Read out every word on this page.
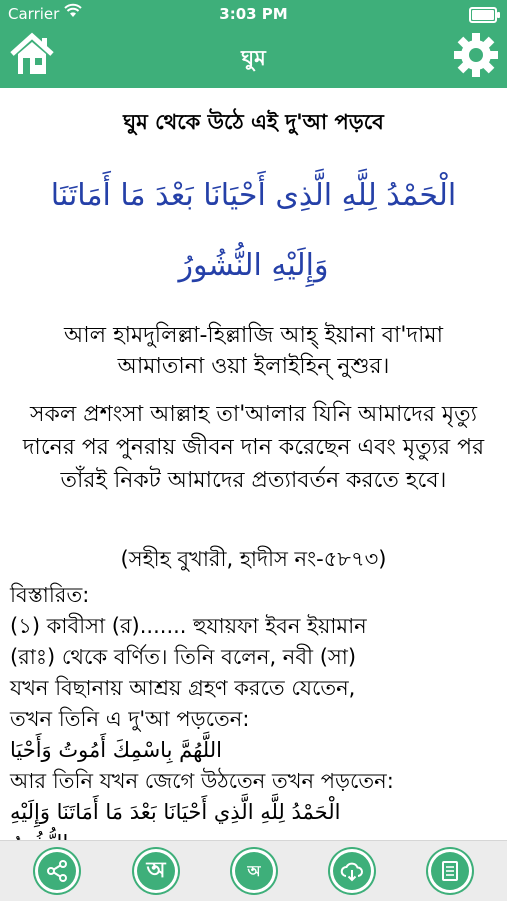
Carrier	3:03 PM
ঘুম
ঘুম থেকে উঠে এই দু'আ পড়বে
الْحَمْدُ لِلَّهِ الَّذِى أَحْيَانَا بَعْدَ مَا أَمَاتَنَا
وَإِلَيْهِ النُّشُورُ
আল হামদুলিল্লা-হিল্লাজি আহ্ ইয়ানা বা'দামা আমাতানা ওয়া ইলাইহিন্ নুশুর।
সকল প্রশংসা আল্লাহ তা'আলার যিনি আমাদের মৃত্যু দানের পর পুনরায় জীবন দান করেছেন এবং মৃত্যুর পর তাঁরই নিকট আমাদের প্রত্যাবর্তন করতে হবে।
(সহীহ বুখারী, হাদীস নং-৫৮৭৩)
বিস্তারিত:
(১) কাবীসা (র)....... হুযায়ফা ইবন ইয়ামান
(রাঃ) থেকে বর্ণিত। তিনি বলেন, নবী (সা)
যখন বিছানায় আশ্রয় গ্রহণ করতে যেতেন,
তখন তিনি এ দু'আ পড়তেন:
اللَّهُمَّ بِاسْمِكَ أَمُوتُ وَأَحْيَا
আর তিনি যখন জেগে উঠতেন তখন পড়তেন:
الْحَمْدُ لِلَّهِ الَّذِي أَحْيَانَا بَعْدَ مَا أَمَاتَنَا وَإِلَيْهِ
অ	অ
